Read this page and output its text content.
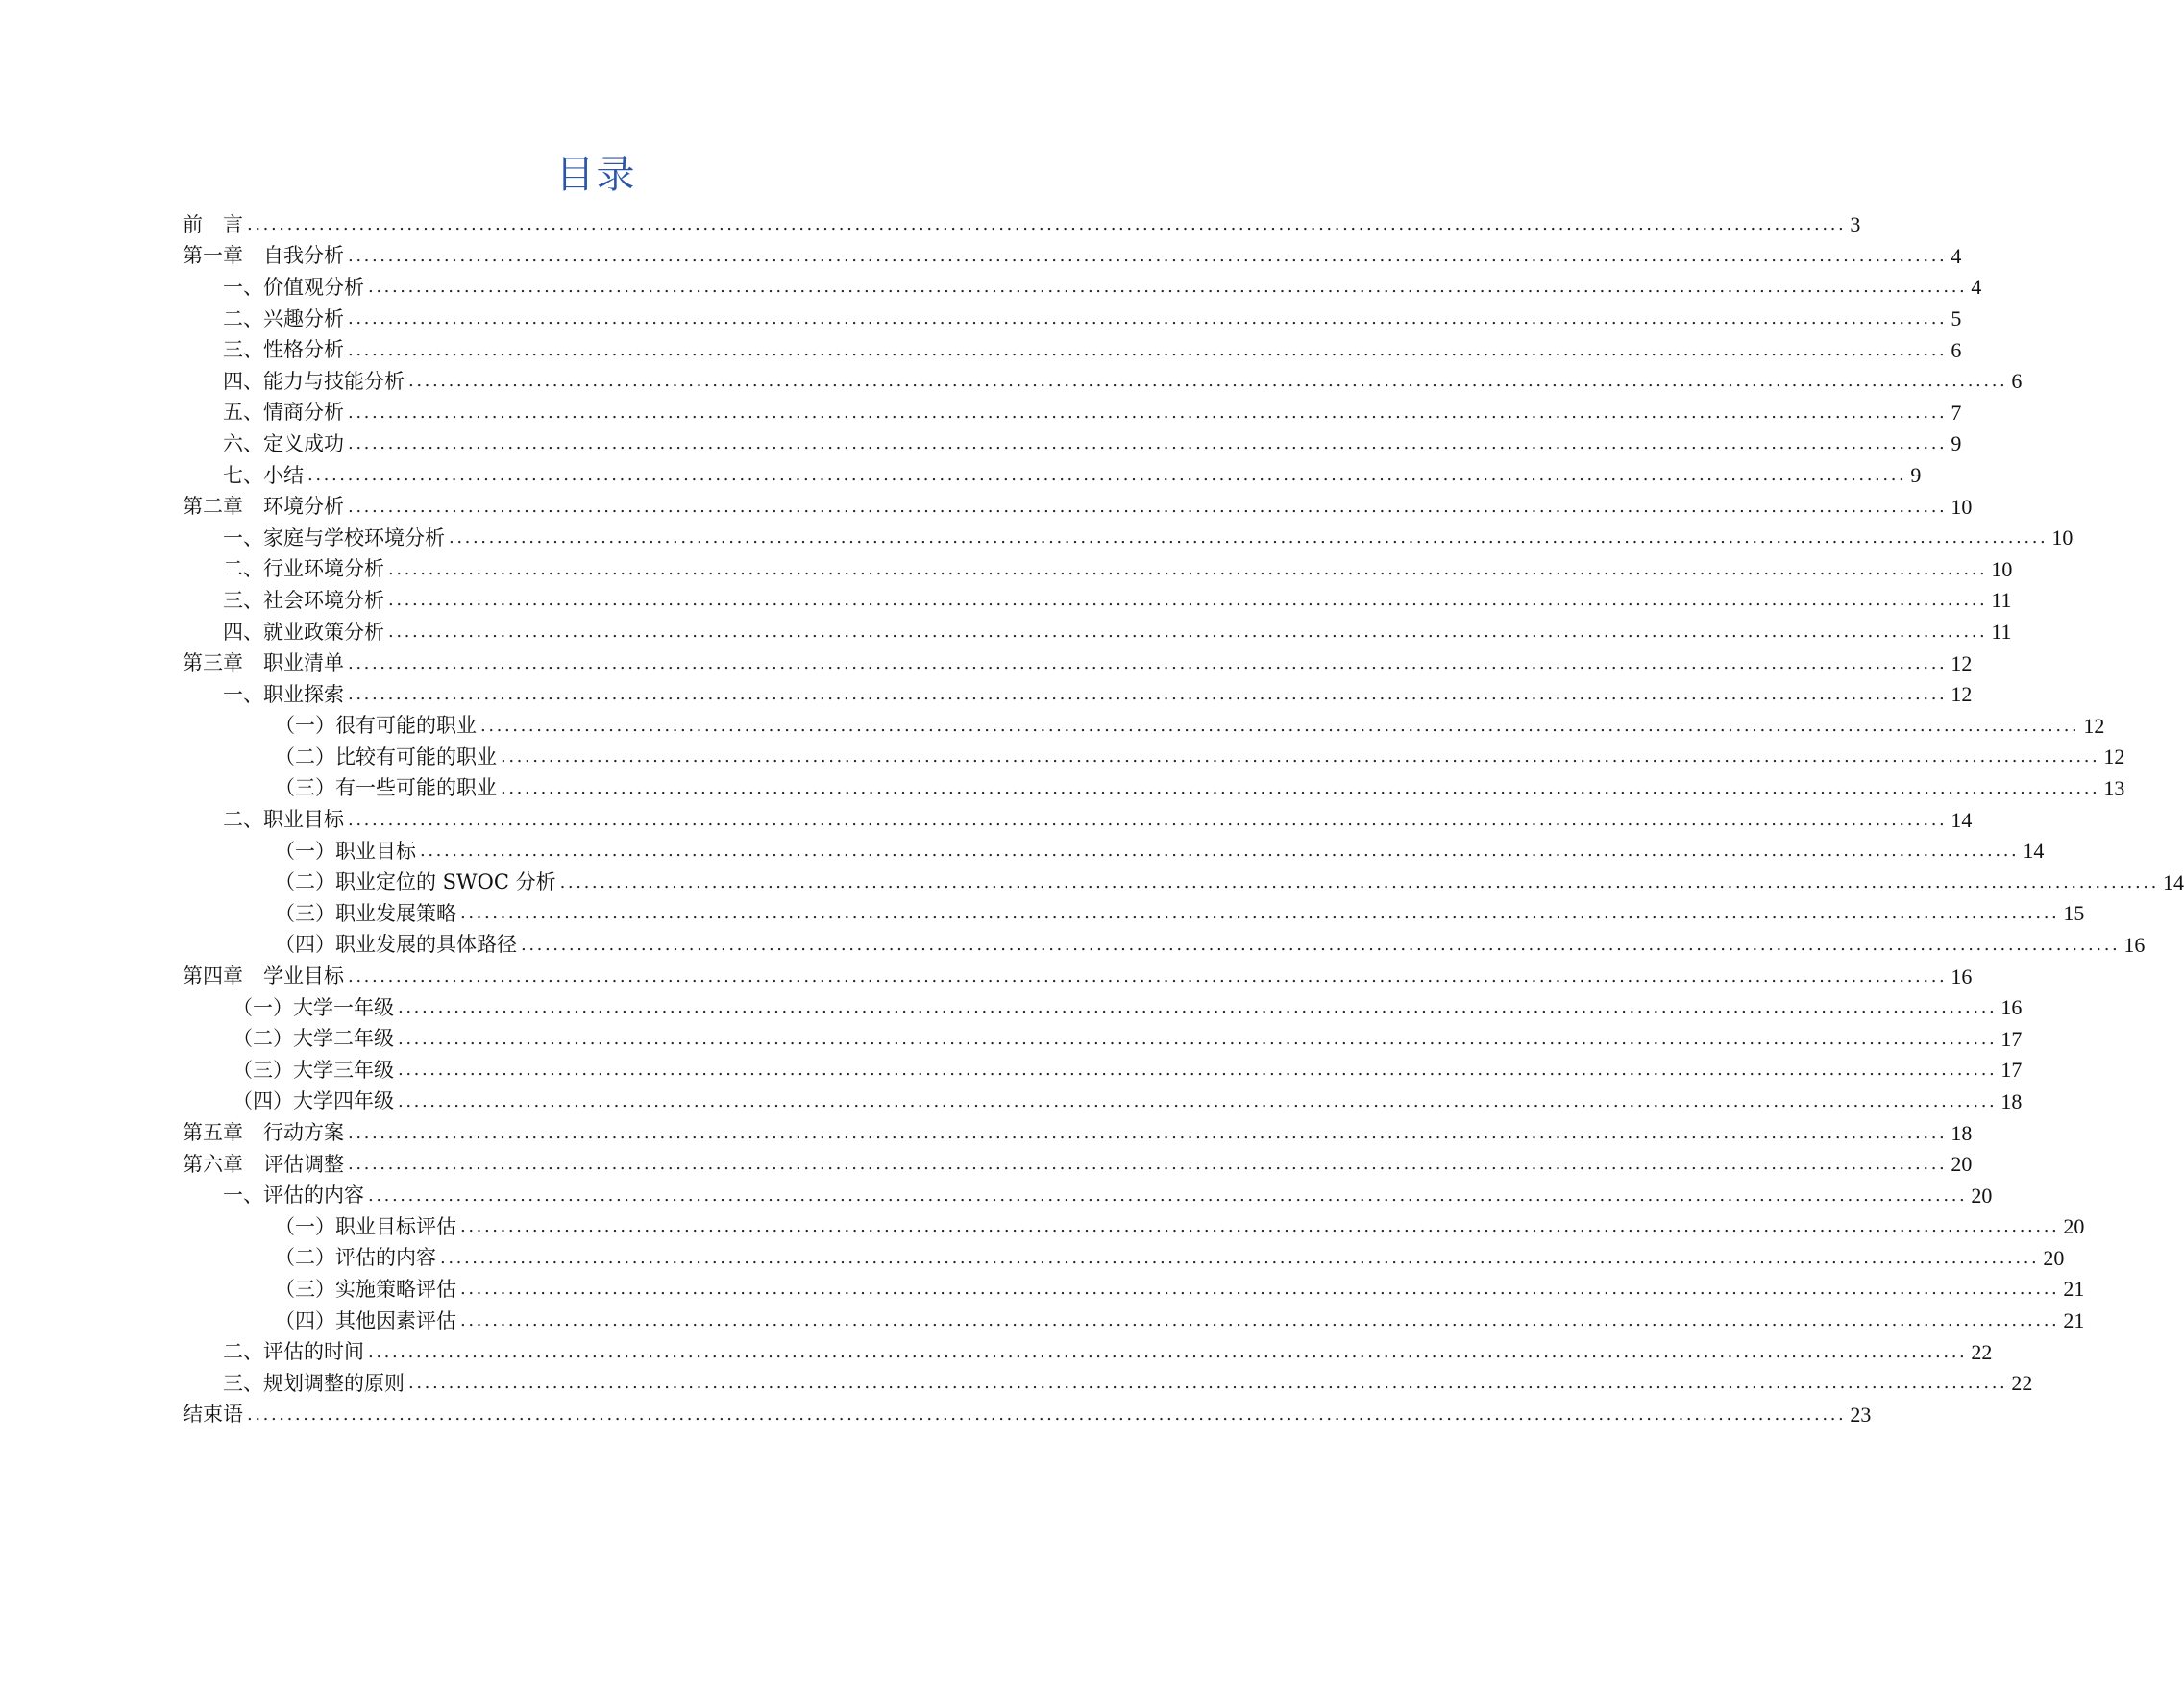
目录
前　言 ........................................................................................................................................................................................................ 3
第一章　自我分析 ........................................................................................................................................................................................................ 4
一、价值观分析 ........................................................................................................................................................................................................ 4
二、兴趣分析 ........................................................................................................................................................................................................ 5
三、性格分析 ........................................................................................................................................................................................................ 6
四、能力与技能分析 ........................................................................................................................................................................................................ 6
五、情商分析 ........................................................................................................................................................................................................ 7
六、定义成功 ........................................................................................................................................................................................................ 9
七、小结 ........................................................................................................................................................................................................ 9
第二章　环境分析 ........................................................................................................................................................................................................ 10
一、家庭与学校环境分析 ........................................................................................................................................................................................................ 10
二、行业环境分析 ........................................................................................................................................................................................................ 10
三、社会环境分析 ........................................................................................................................................................................................................ 11
四、就业政策分析 ........................................................................................................................................................................................................ 11
第三章　职业清单 ........................................................................................................................................................................................................ 12
一、职业探索 ........................................................................................................................................................................................................ 12
（一）很有可能的职业 ........................................................................................................................................................................................................ 12
（二）比较有可能的职业 ........................................................................................................................................................................................................ 12
（三）有一些可能的职业 ........................................................................................................................................................................................................ 13
二、职业目标 ........................................................................................................................................................................................................ 14
（一）职业目标 ........................................................................................................................................................................................................ 14
（二）职业定位的 SWOC 分析 ........................................................................................................................................................................................................ 14
（三）职业发展策略 ........................................................................................................................................................................................................ 15
（四）职业发展的具体路径 ........................................................................................................................................................................................................ 16
第四章　学业目标 ........................................................................................................................................................................................................ 16
（一）大学一年级 ........................................................................................................................................................................................................ 16
（二）大学二年级 ........................................................................................................................................................................................................ 17
（三）大学三年级 ........................................................................................................................................................................................................ 17
（四）大学四年级 ........................................................................................................................................................................................................ 18
第五章　行动方案 ........................................................................................................................................................................................................ 18
第六章　评估调整 ........................................................................................................................................................................................................ 20
一、评估的内容 ........................................................................................................................................................................................................ 20
（一）职业目标评估 ........................................................................................................................................................................................................ 20
（二）评估的内容 ........................................................................................................................................................................................................ 20
（三）实施策略评估 ........................................................................................................................................................................................................ 21
（四）其他因素评估 ........................................................................................................................................................................................................ 21
二、评估的时间 ........................................................................................................................................................................................................ 22
三、规划调整的原则 ........................................................................................................................................................................................................ 22
结束语 ........................................................................................................................................................................................................ 23
